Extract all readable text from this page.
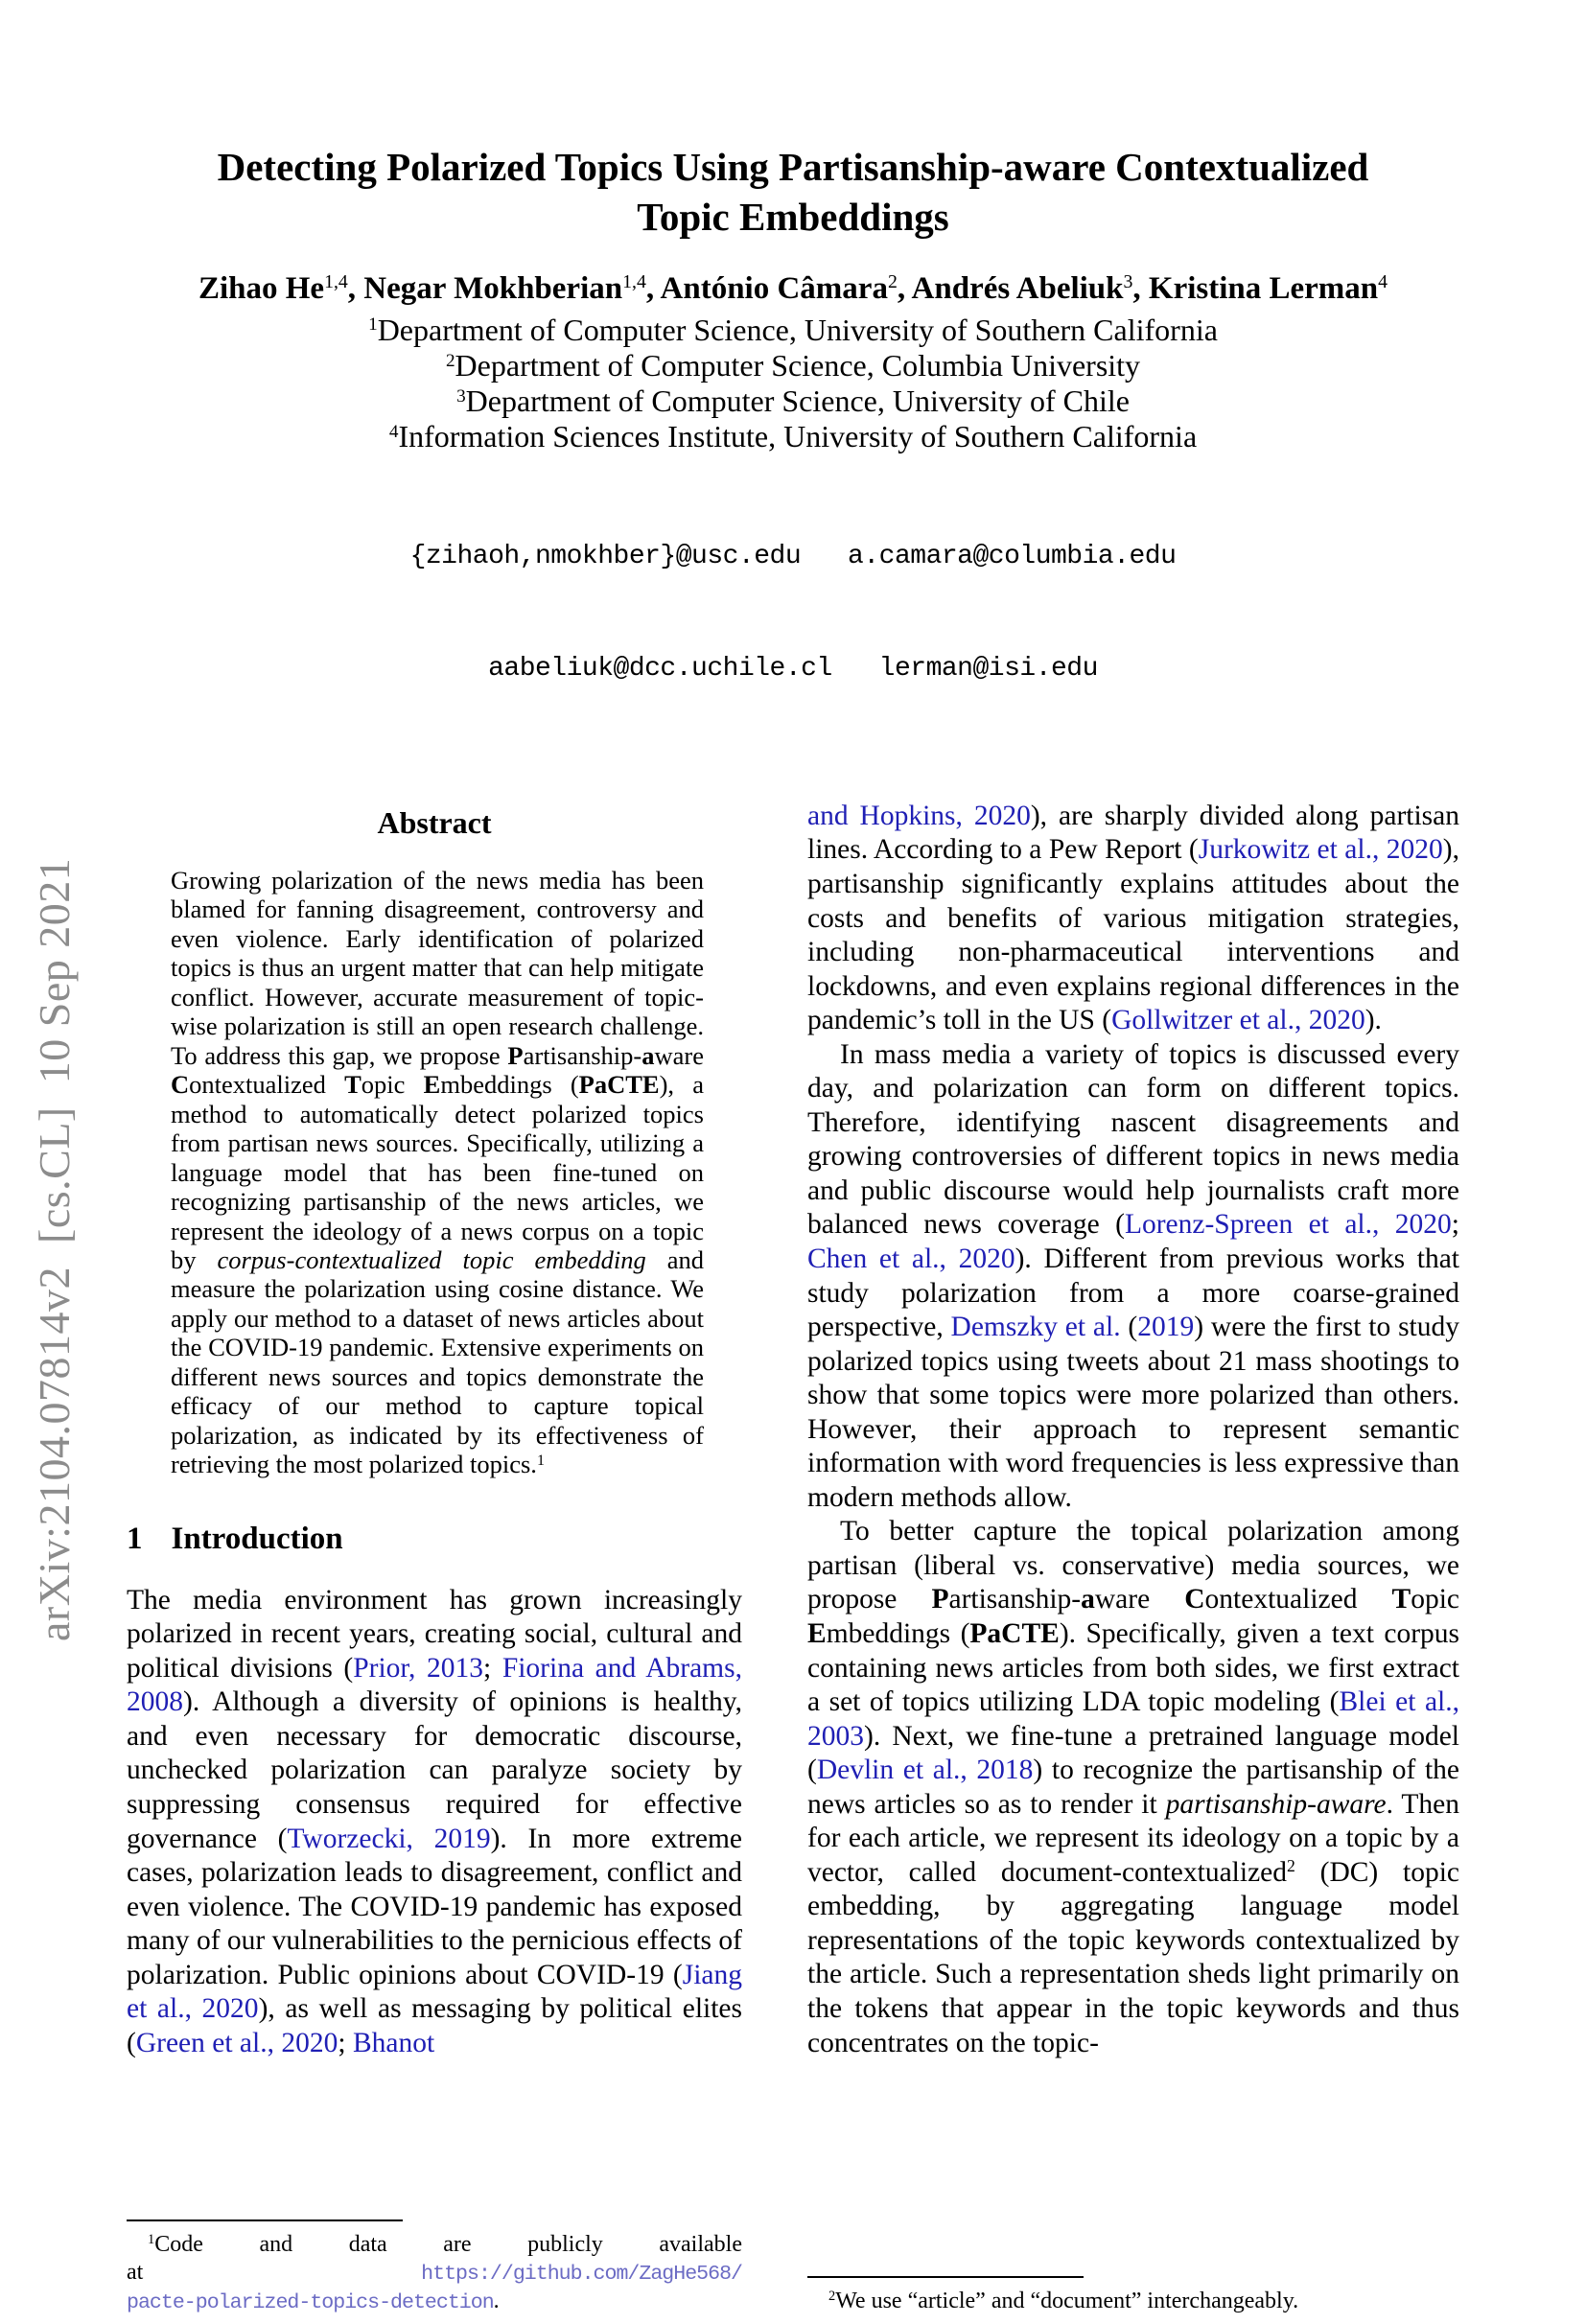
arXiv:2104.07814v2  [cs.CL]  10 Sep 2021
Detecting Polarized Topics Using Partisanship-aware Contextualized
Topic Embeddings
Zihao He$^{1,4}$, Negar Mokhberian$^{1,4}$, António Câmara$^2$, Andrés Abeliuk$^3$, Kristina Lerman$^4$
$^1$Department of Computer Science, University of Southern California
$^2$Department of Computer Science, Columbia University
$^3$Department of Computer Science, University of Chile
$^4$Information Sciences Institute, University of Southern California

{zihaoh,nmokhber}@usc.edu   a.camara@columbia.edu

aabeliuk@dcc.uchile.cl   lerman@isi.edu

Abstract
Growing polarization of the news media has been blamed for fanning disagreement, controversy and even violence. Early identification of polarized topics is thus an urgent matter that can help mitigate conflict. However, accurate measurement of topic-wise polarization is still an open research challenge. To address this gap, we propose Partisanship-aware Contextualized Topic Embeddings (PaCTE), a method to automatically detect polarized topics from partisan news sources. Specifically, utilizing a language model that has been fine-tuned on recognizing partisanship of the news articles, we represent the ideology of a news corpus on a topic by corpus-contextualized topic embedding and measure the polarization using cosine distance. We apply our method to a dataset of news articles about the COVID-19 pandemic. Extensive experiments on different news sources and topics demonstrate the efficacy of our method to capture topical polarization, as indicated by its effectiveness of retrieving the most polarized topics.$^1$
1 Introduction
The media environment has grown increasingly polarized in recent years, creating social, cultural and political divisions (Prior, 2013; Fiorina and Abrams, 2008). Although a diversity of opinions is healthy, and even necessary for democratic discourse, unchecked polarization can paralyze society by suppressing consensus required for effective governance (Tworzecki, 2019). In more extreme cases, polarization leads to disagreement, conflict and even violence. The COVID-19 pandemic has exposed many of our vulnerabilities to the pernicious effects of polarization. Public opinions about COVID-19 (Jiang et al., 2020), as well as messaging by political elites (Green et al., 2020; Bhanot
$^1$Code and data are publicly available
at https://github.com/ZagHe568/
pacte-polarized-topics-detection.
and Hopkins, 2020), are sharply divided along partisan lines. According to a Pew Report (Jurkowitz et al., 2020), partisanship significantly explains attitudes about the costs and benefits of various mitigation strategies, including non-pharmaceutical interventions and lockdowns, and even explains regional differences in the pandemic’s toll in the US (Gollwitzer et al., 2020).
In mass media a variety of topics is discussed every day, and polarization can form on different topics. Therefore, identifying nascent disagreements and growing controversies of different topics in news media and public discourse would help journalists craft more balanced news coverage (Lorenz-Spreen et al., 2020; Chen et al., 2020). Different from previous works that study polarization from a more coarse-grained perspective, Demszky et al. (2019) were the first to study polarized topics using tweets about 21 mass shootings to show that some topics were more polarized than others. However, their approach to represent semantic information with word frequencies is less expressive than modern methods allow.
To better capture the topical polarization among partisan (liberal vs. conservative) media sources, we propose Partisanship-aware Contextualized Topic Embeddings (PaCTE). Specifically, given a text corpus containing news articles from both sides, we first extract a set of topics utilizing LDA topic modeling (Blei et al., 2003). Next, we fine-tune a pretrained language model (Devlin et al., 2018) to recognize the partisanship of the news articles so as to render it partisanship-aware. Then for each article, we represent its ideology on a topic by a vector, called document-contextualized$^2$ (DC) topic embedding, by aggregating language model representations of the topic keywords contextualized by the article. Such a representation sheds light primarily on the tokens that appear in the topic keywords and thus concentrates on the topic-
$^2$We use “article” and “document” interchangeably.
